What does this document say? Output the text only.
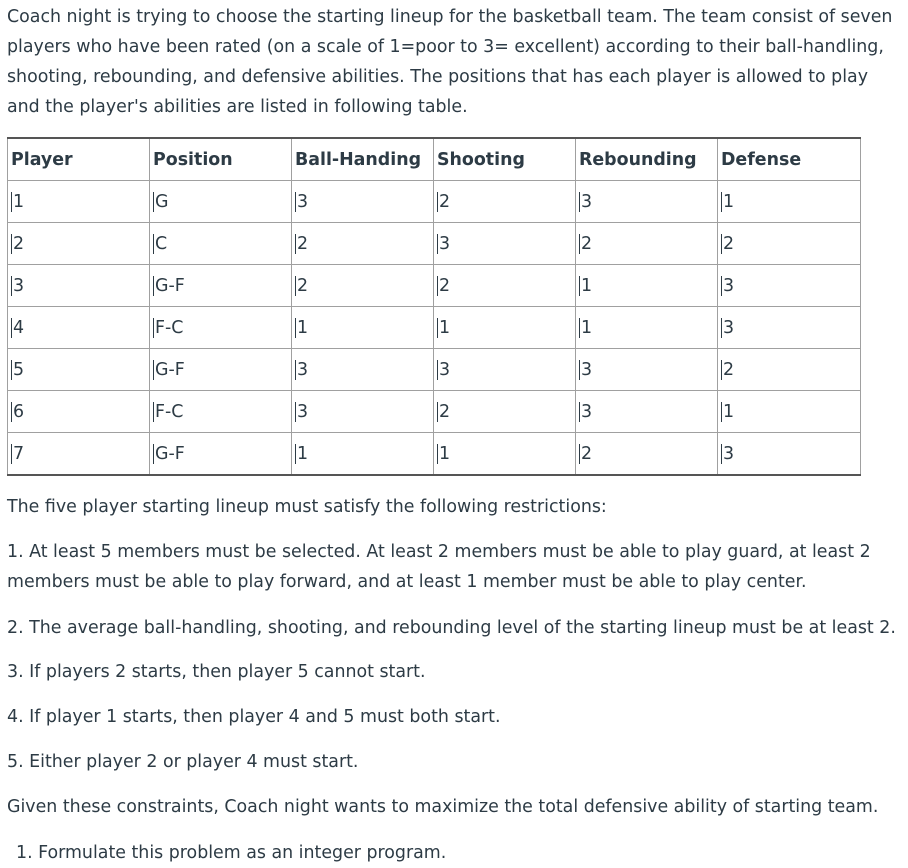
Coach night is trying to choose the starting lineup for the basketball team. The team consist of seven players who have been rated (on a scale of 1=poor to 3= excellent) according to their ball-handling, shooting, rebounding, and defensive abilities. The positions that has each player is allowed to play and the player's abilities are listed in following table.

Player	Position	Ball-Handing	Shooting	Rebounding	Defense
1	G	3	2	3	1
2	C	2	3	2	2
3	G-F	2	2	1	3
4	F-C	1	1	1	3
5	G-F	3	3	3	2
6	F-C	3	2	3	1
7	G-F	1	1	2	3

The five player starting lineup must satisfy the following restrictions:

1. At least 5 members must be selected. At least 2 members must be able to play guard, at least 2 members must be able to play forward, and at least 1 member must be able to play center.

2. The average ball-handling, shooting, and rebounding level of the starting lineup must be at least 2.

3. If players 2 starts, then player 5 cannot start.

4. If player 1 starts, then player 4 and 5 must both start.

5. Either player 2 or player 4 must start.

Given these constraints, Coach night wants to maximize the total defensive ability of starting team.

1. Formulate this problem as an integer program.
